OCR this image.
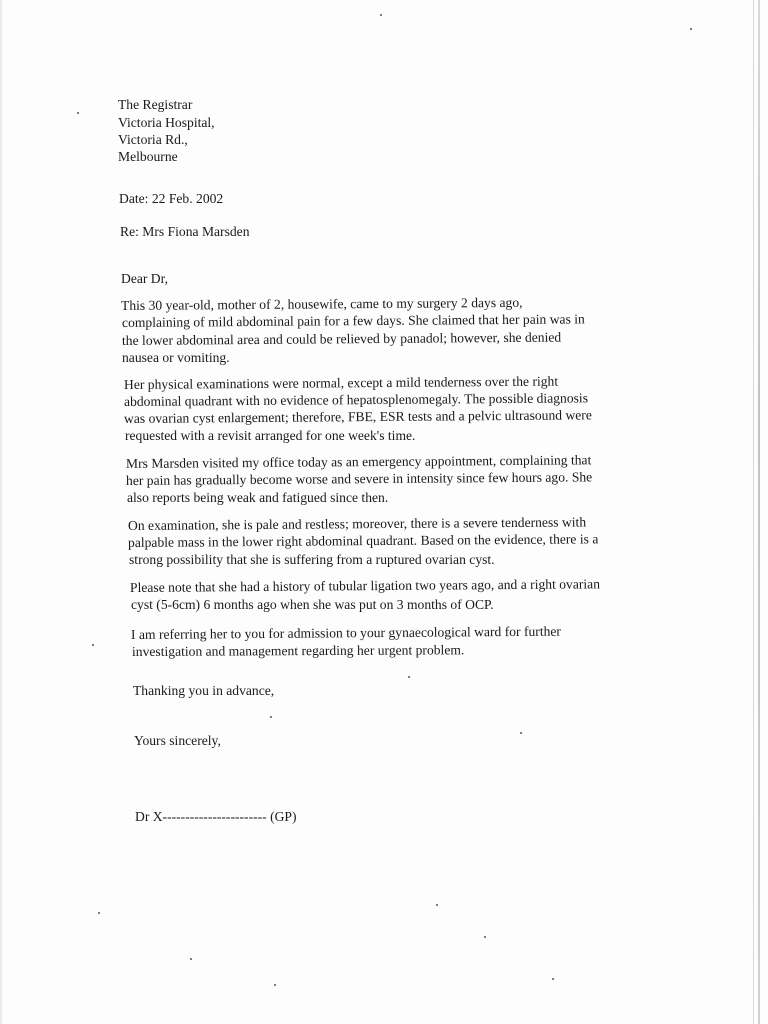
The Registrar
Victoria Hospital,
Victoria Rd.,
Melbourne
Date: 22 Feb. 2002
Re: Mrs Fiona Marsden
Dear Dr,
This 30 year-old, mother of 2, housewife, came to my surgery 2 days ago,
complaining of mild abdominal pain for a few days. She claimed that her pain was in
the lower abdominal area and could be relieved by panadol; however, she denied
nausea or vomiting.
Her physical examinations were normal, except a mild tenderness over the right
abdominal quadrant with no evidence of hepatosplenomegaly. The possible diagnosis
was ovarian cyst enlargement; therefore, FBE, ESR tests and a pelvic ultrasound were
requested with a revisit arranged for one week's time.
Mrs Marsden visited my office today as an emergency appointment, complaining that
her pain has gradually become worse and severe in intensity since few hours ago. She
also reports being weak and fatigued since then.
On examination, she is pale and restless; moreover, there is a severe tenderness with
palpable mass in the lower right abdominal quadrant. Based on the evidence, there is a
strong possibility that she is suffering from a ruptured ovarian cyst.
Please note that she had a history of tubular ligation two years ago, and a right ovarian
cyst (5-6cm) 6 months ago when she was put on 3 months of OCP.
I am referring her to you for admission to your gynaecological ward for further
investigation and management regarding her urgent problem.
Thanking you in advance,
Yours sincerely,
Dr X----------------------- (GP)
